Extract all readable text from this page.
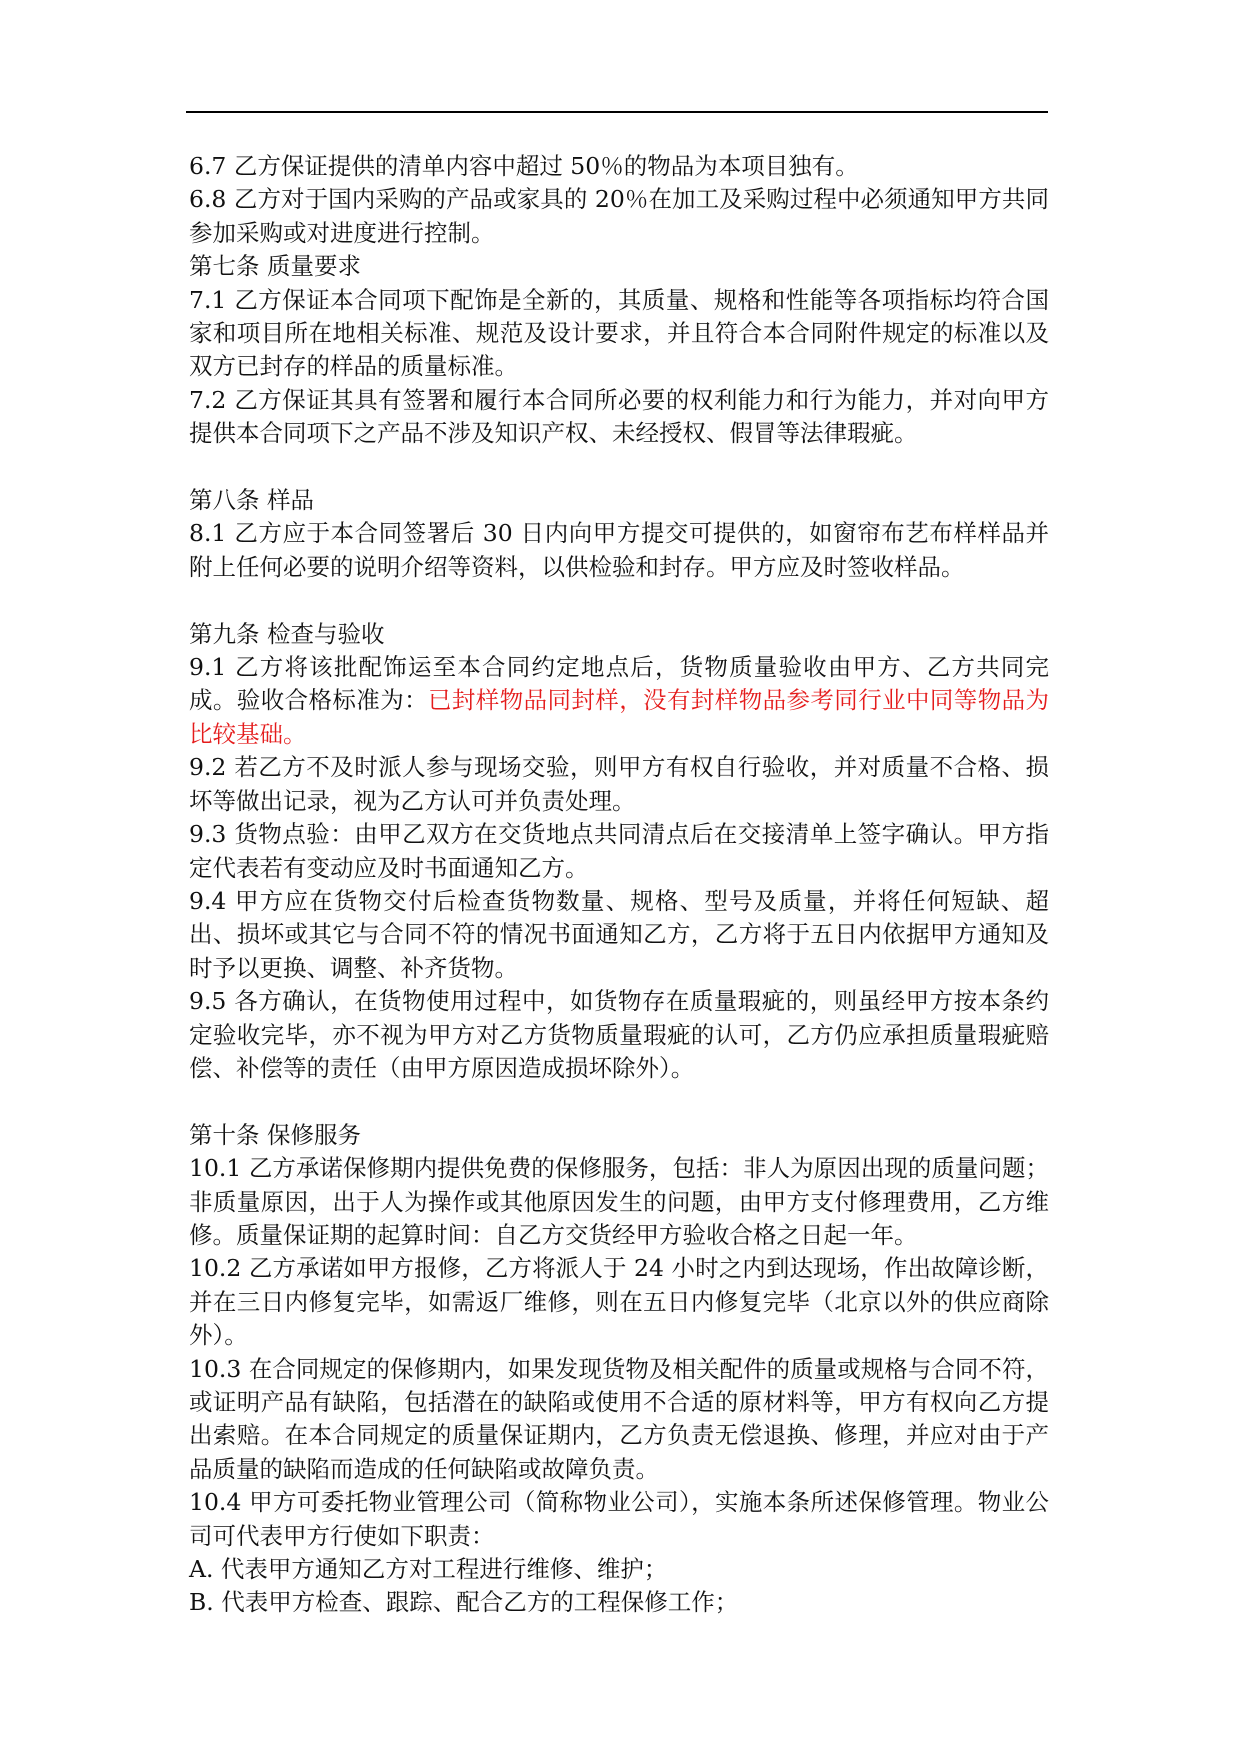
6.7 乙方保证提供的清单内容中超过 50％的物品为本项目独有。

6.8 乙方对于国内采购的产品或家具的 20％在加工及采购过程中必须通知甲方共同参加采购或对进度进行控制。

第七条 质量要求

7.1 乙方保证本合同项下配饰是全新的，其质量、规格和性能等各项指标均符合国家和项目所在地相关标准、规范及设计要求，并且符合本合同附件规定的标准以及双方已封存的样品的质量标准。

7.2 乙方保证其具有签署和履行本合同所必要的权利能力和行为能力，并对向甲方提供本合同项下之产品不涉及知识产权、未经授权、假冒等法律瑕疵。

第八条 样品

8.1 乙方应于本合同签署后 30 日内向甲方提交可提供的，如窗帘布艺布样样品并附上任何必要的说明介绍等资料，以供检验和封存。甲方应及时签收样品。

第九条 检查与验收

9.1 乙方将该批配饰运至本合同约定地点后，货物质量验收由甲方、乙方共同完成。验收合格标准为：已封样物品同封样，没有封样物品参考同行业中同等物品为比较基础。

9.2 若乙方不及时派人参与现场交验，则甲方有权自行验收，并对质量不合格、损坏等做出记录，视为乙方认可并负责处理。

9.3 货物点验：由甲乙双方在交货地点共同清点后在交接清单上签字确认。甲方指定代表若有变动应及时书面通知乙方。

9.4 甲方应在货物交付后检查货物数量、规格、型号及质量，并将任何短缺、超出、损坏或其它与合同不符的情况书面通知乙方，乙方将于五日内依据甲方通知及时予以更换、调整、补齐货物。

9.5 各方确认，在货物使用过程中，如货物存在质量瑕疵的，则虽经甲方按本条约定验收完毕，亦不视为甲方对乙方货物质量瑕疵的认可，乙方仍应承担质量瑕疵赔偿、补偿等的责任（由甲方原因造成损坏除外）。

第十条 保修服务

10.1 乙方承诺保修期内提供免费的保修服务，包括：非人为原因出现的质量问题；非质量原因，出于人为操作或其他原因发生的问题，由甲方支付修理费用，乙方维修。质量保证期的起算时间：自乙方交货经甲方验收合格之日起一年。

10.2 乙方承诺如甲方报修，乙方将派人于 24 小时之内到达现场，作出故障诊断，并在三日内修复完毕，如需返厂维修，则在五日内修复完毕（北京以外的供应商除外）。

10.3 在合同规定的保修期内，如果发现货物及相关配件的质量或规格与合同不符，或证明产品有缺陷，包括潜在的缺陷或使用不合适的原材料等，甲方有权向乙方提出索赔。在本合同规定的质量保证期内，乙方负责无偿退换、修理，并应对由于产品质量的缺陷而造成的任何缺陷或故障负责。

10.4 甲方可委托物业管理公司（简称物业公司），实施本条所述保修管理。物业公司可代表甲方行使如下职责：

A. 代表甲方通知乙方对工程进行维修、维护；

B. 代表甲方检查、跟踪、配合乙方的工程保修工作；
